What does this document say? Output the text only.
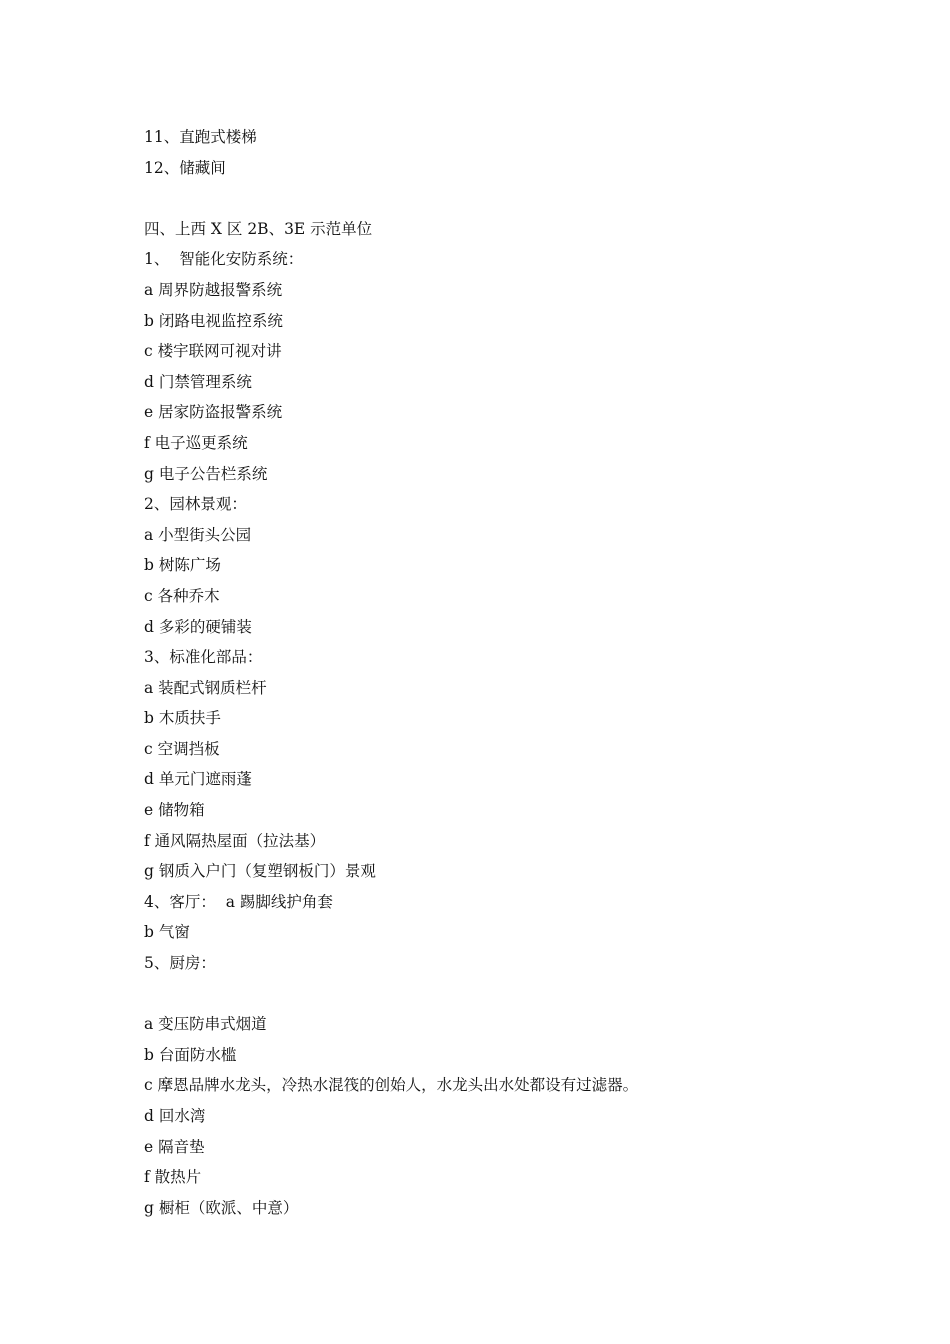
11、直跑式楼梯
12、储藏间
四、上西 X 区 2B、3E 示范单位
1、  智能化安防系统：
a 周界防越报警系统
b 闭路电视监控系统
c 楼宇联网可视对讲
d 门禁管理系统
e 居家防盗报警系统
f 电子巡更系统
g 电子公告栏系统
2、园林景观：
a 小型街头公园
b 树陈广场
c 各种乔木
d 多彩的硬铺装
3、标准化部品：
a 装配式钢质栏杆
b 木质扶手
c 空调挡板
d 单元门遮雨蓬
e 储物箱
f 通风隔热屋面（拉法基）
g 钢质入户门（复塑钢板门）景观
4、客厅：  a 踢脚线护角套
b 气窗
5、厨房：
a 变压防串式烟道
b 台面防水槛
c 摩恩品牌水龙头，冷热水混筏的创始人，水龙头出水处都设有过滤器。
d 回水湾
e 隔音垫
f 散热片
g 橱柜（欧派、中意）
